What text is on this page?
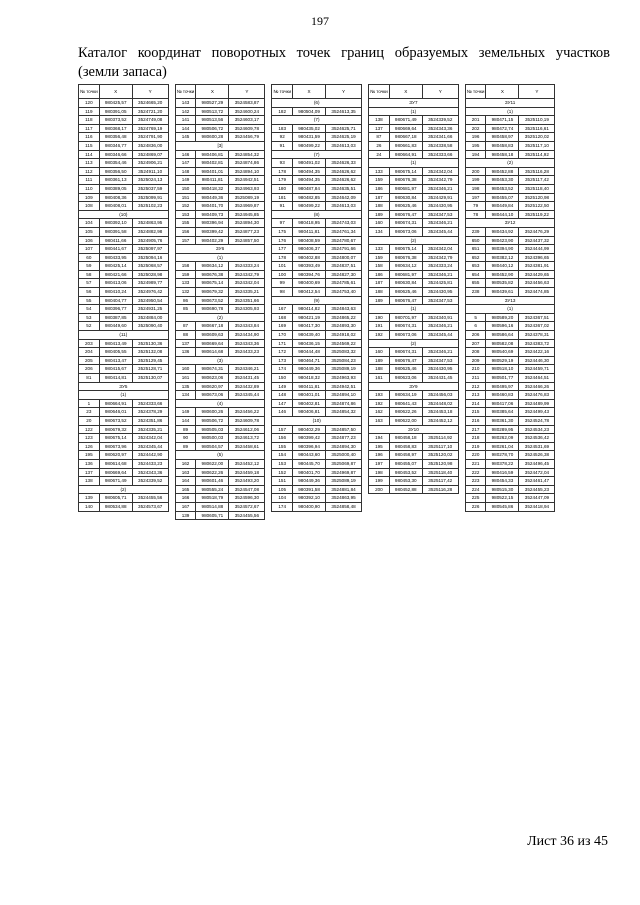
197
Каталог координат поворотных точек границ образуемых земельных участков
(земли запаса)
№ точки	X	Y
120	980425,57	3524665,20
119	980391,05	3524721,20
118	980373,52	3524749,08
117	980368,17	3524769,19
116	980356,48	3524791,90
115	980346,77	3524836,00
114	980346,66	3524869,07
113	980354,46	3524906,21
112	980356,50	3524911,10
111	980361,13	3525024,13
110	980389,05	3525037,59
109	980408,36	3525099,91
108	980408,01	3525102,23
(10)		
104	980392,10	3524863,95
105	980391,58	3524882,98
106	980411,66	3524905,76
107	980441,67	3525097,97
60	980433,95	3525094,16
59	980425,14	3525068,57
58	980421,66	3525028,98
57	980413,06	3524989,77
56	980410,24	3524976,42
55	980404,77	3524950,54
54	980396,77	3524931,25
53	980387,85	3524884,00
52	980449,60	3525090,40
(11)		
203	980413,49	3525130,36
204	980405,55	3525132,08
205	980413,47	3525129,45
206	980415,67	3525128,71
81	980414,81	3525130,07
ЗУ5		
(1)		
1	980664,91	3524333,66
23	980646,01	3524378,29
20	980673,52	3524351,86
122	980679,32	3524335,21
123	980675,14	3524342,04
126	980673,96	3524345,44
195	980620,97	3524442,90
136	980614,68	3524433,23
137	980669,64	3524343,36
138	980671,49	3524339,52
(2)		
139	980605,71	3524455,56
140	980534,88	3524573,67
№ точки	X	Y
143	980527,29	3524583,87
142	980513,72	3524600,24
141	980513,56	3524603,17
144	980506,72	3524609,78
145	980600,28	3524456,79
[3]		
146	980406,81	3524854,32
147	980402,81	3524874,86
148	980401,01	3524894,10
149	980411,81	3524942,51
150	980418,32	3524963,93
151	980449,36	3525089,19
152	980401,70	3524969,87
153	980409,73	3524945,85
155	980396,94	3524894,30
156	980399,42	3524877,23
157	980402,29	3524857,50
ЗУ6		
(1)		
158	980634,12	3524333,24
159	980676,38	3524342,79
133	980675,14	3524342,04
132	980679,32	3524335,21
86	980673,52	3524351,66
85	980690,78	3524305,93
(2)		
87	980667,18	3524343,84
88	980609,63	3524434,90
137	980669,64	3524343,36
136	980614,68	3524433,23
(3)		
160	980674,31	3524346,21
161	980623,06	3524431,45
135	980620,97	3524432,89
134	980673,06	3524345,44
(4)		
149	980600,26	3524456,22
144	980506,72	3524609,78
89	980505,03	3524612,06
90	980500,03	3524613,72
89	980504,57	3524458,61
(5)		
162	980622,00	3524452,12
163	980622,26	3524459,18
164	980601,46	3524493,20
165	980555,24	3524547,08
166	980518,79	3524596,30
167	980514,88	3524572,67
139	980605,71	3524455,56
№ точки	X	Y
(6)		
182	980504,09	3524613,35
(7)		
183	980435,02	3524625,71
92	980431,59	3524625,19
91	980499,22	3524613,03
(7)		
93	980491,02	3524626,33
178	980494,35	3524626,62
179	980494,35	3524626,62
180	980487,84	3524635,51
181	980482,85	3524642,09
91	980499,22	3524613,03
(8)		
97	980418,95	3524743,03
175	980411,81	3524761,34
176	980408,59	3524780,67
177	980406,37	3524791,66
178	980402,88	3524800,07
101	980393,49	3524837,51
100	980394,76	3524827,30
99	980400,69	3524785,61
98	980412,54	3524753,40
(9)		
167	980414,82	3524843,63
168	980421,19	3524865,22
169	980417,30	3524893,30
170	980439,40	3524918,02
171	980436,15	3524569,22
172	980444,48	3525083,32
173	980464,71	3525084,23
174	980449,36	3525089,19
150	980418,32	3524963,93
149	980411,81	3524942,51
148	980401,01	3524894,10
147	980402,81	3524874,86
146	980406,81	3524854,32
(10)		
157	980402,29	3524857,50
156	980399,42	3524877,23
155	980396,94	3524894,30
154	980443,60	3525000,40
153	980445,70	3525069,87
152	980401,70	3524969,87
151	980449,36	3525089,19
105	980391,58	3524881,84
104	980392,10	3524863,95
174	980400,90	3524858,48
№ точки	X	Y
ЗУ7		
(1)		
138	980671,49	3524339,52
137	980669,64	3524343,36
87	980667,18	3524341,66
26	980661,83	3524338,58
24	980664,91	3524333,66
(1)		
133	980675,14	3524342,04
159	980676,38	3524342,79
186	980681,97	3524346,21
187	980630,84	3524429,91
188	980625,46	3524430,95
189	980676,47	3524347,53
160	980674,31	3524346,21
134	980673,06	3524345,44
(2)		
133	980675,14	3524342,04
159	980676,38	3524342,79
158	980634,12	3524333,24
186	980681,97	3524346,21
187	980630,84	3524425,81
188	980625,46	3524430,95
189	980676,47	3524347,53
(1)		
190	980701,97	3524340,91
191	980674,31	3524346,21
192	980673,06	3524345,44
(2)		
160	980674,31	3524346,21
189	980676,47	3524347,53
188	980625,46	3524430,95
161	980623,06	3524431,45
ЗУ9		
193	980634,19	3524456,03
192	980641,43	3524448,02
162	980622,26	3524453,18
163	980622,00	3524452,12
ЗУ10		
194	980458,18	3525114,92
195	980458,83	3525117,10
196	980458,97	3525120,02
197	980455,07	3525120,98
198	980453,52	3525118,40
199	980453,30	3525117,42
200	980452,88	3525116,28
№ точки	X	Y
ЗУ11		
(1)		
201	980471,15	3525110,19
202	980472,74	3525116,61
196	980458,97	3525120,02
195	980458,83	3525117,10
194	980458,18	3525114,92
(2)		
200	980452,88	3525116,28
199	980453,30	3525117,42
198	980453,52	3525118,40
197	980455,07	3525120,98
79	980449,84	3525122,50
78	980444,10	3525119,22
ЗУ12		
239	980434,92	3524476,29
650	980423,90	3524437,32
651	980394,90	3524444,99
652	980382,12	3524396,65
653	980440,12	3524381,91
654	980452,90	3524429,65
655	980535,82	3524456,63
238	980439,61	3524474,85
ЗУ13		
(1)		
5	980589,20	3524367,51
6	980596,16	3524367,02
206	980586,64	3524378,31
207	980582,08	3524383,72
208	980540,69	3524422,16
209	980529,19	3524446,30
210	980518,10	3524459,71
211	980501,77	3524464,51
212	980495,97	3524466,26
213	980460,83	3524476,83
214	980417,06	3524489,99
215	980385,64	3524499,43
216	980361,30	3524524,78
217	980289,95	3524534,23
218	980262,09	3524536,42
219	980261,04	3524531,69
220	980278,70	3524526,38
221	980378,22	3524496,45
222	980416,59	3524472,04
223	980454,33	3524461,47
224	980515,30	3524455,23
225	980522,15	3524447,09
226	980545,86	3524418,94
Лист 36 из 45
